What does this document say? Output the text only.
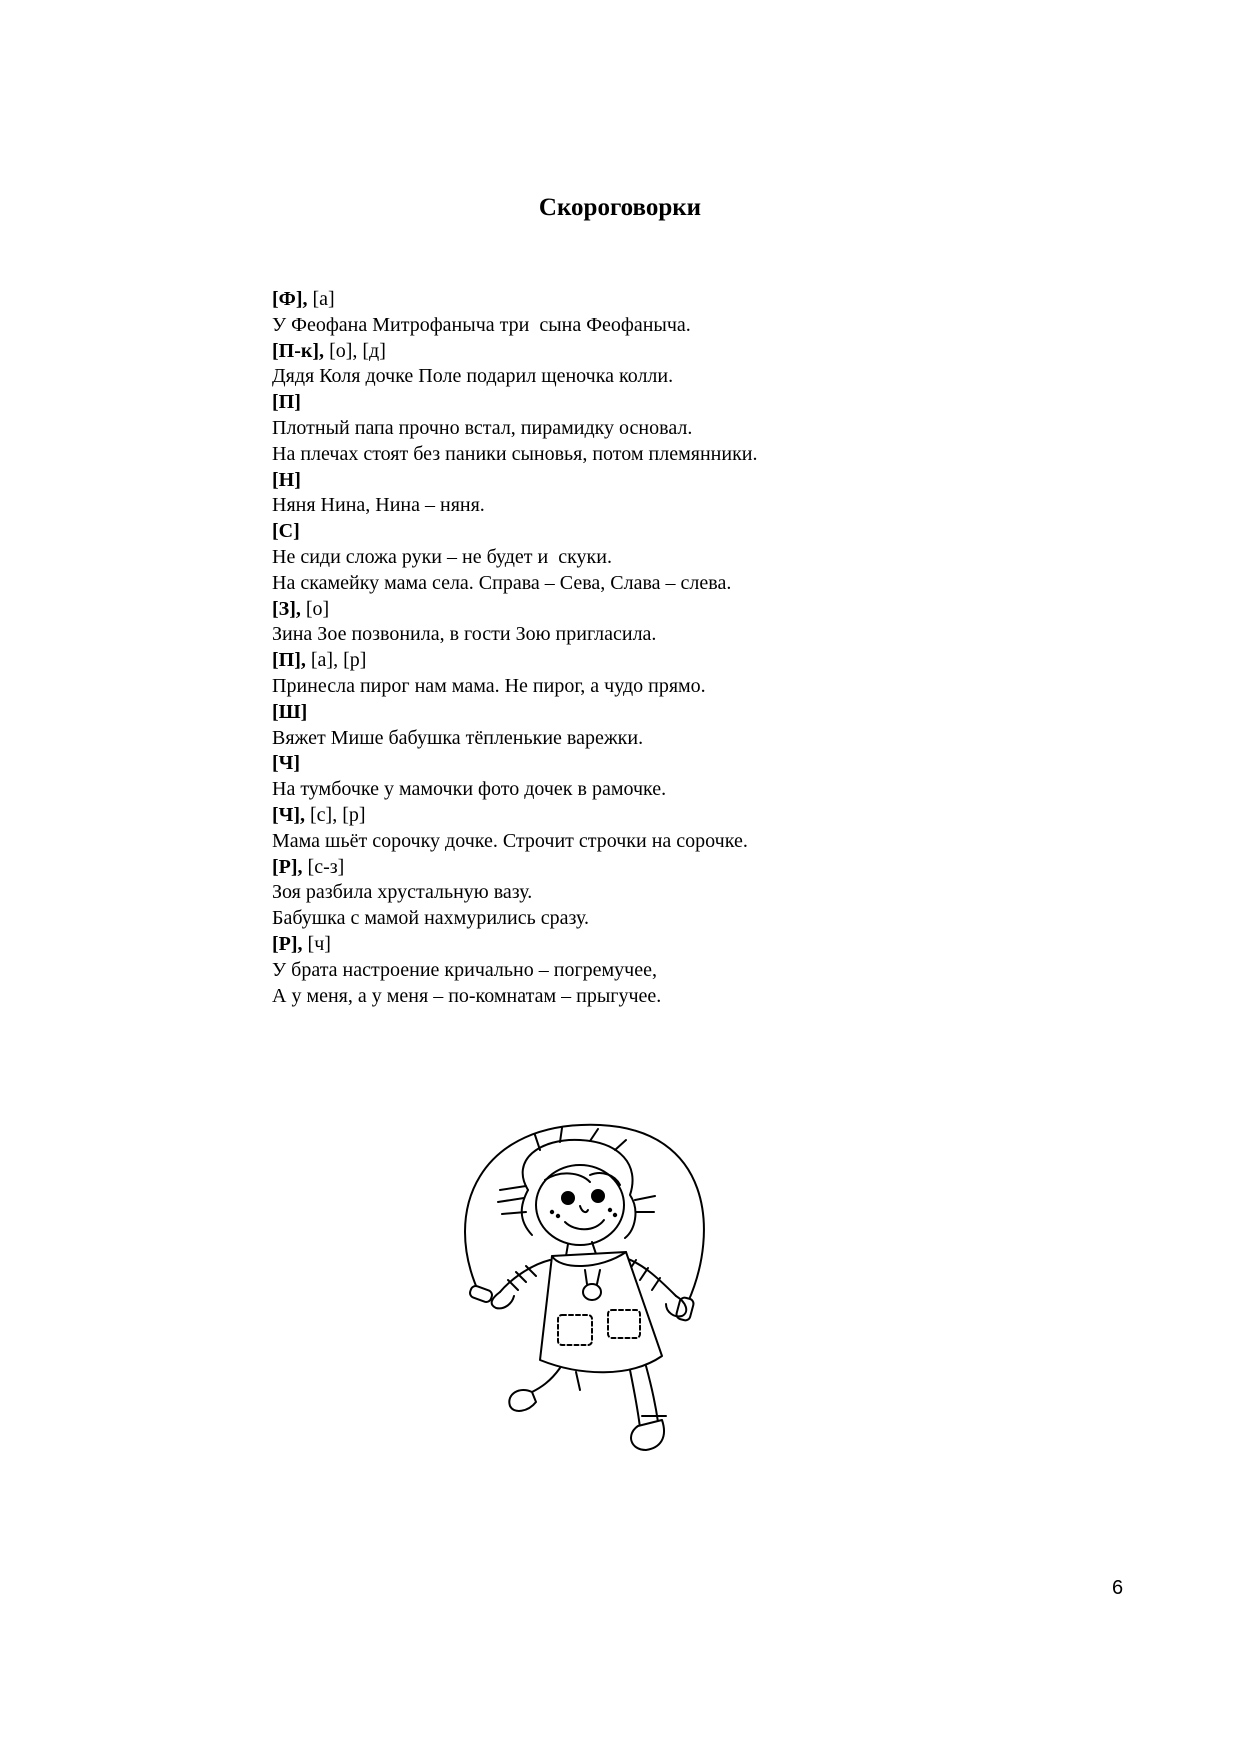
Скороговорки
[Ф], [а]
У Феофана Митрофаныча три  сына Феофаныча.
[П-к], [о], [д]
Дядя Коля дочке Поле подарил щеночка колли.
[П]
Плотный папа прочно встал, пирамидку основал.
На плечах стоят без паники сыновья, потом племянники.
[Н]
Няня Нина, Нина – няня.
[С]
Не сиди сложа руки – не будет и  скуки.
На скамейку мама села. Справа – Сева, Слава – слева.
[З], [о]
Зина Зое позвонила, в гости Зою пригласила.
[П], [а], [р]
Принесла пирог нам мама. Не пирог, а чудо прямо.
[Ш]
Вяжет Мише бабушка тёпленькие варежки.
[Ч]
На тумбочке у мамочки фото дочек в рамочке.
[Ч], [с], [р]
Мама шьёт сорочку дочке. Строчит строчки на сорочке.
[Р], [с-з]
Зоя разбила хрустальную вазу.
Бабушка с мамой нахмурились сразу.
[Р], [ч]
У брата настроение кричально – погремучее,
А у меня, а у меня – по-комнатам – прыгучее.
6
